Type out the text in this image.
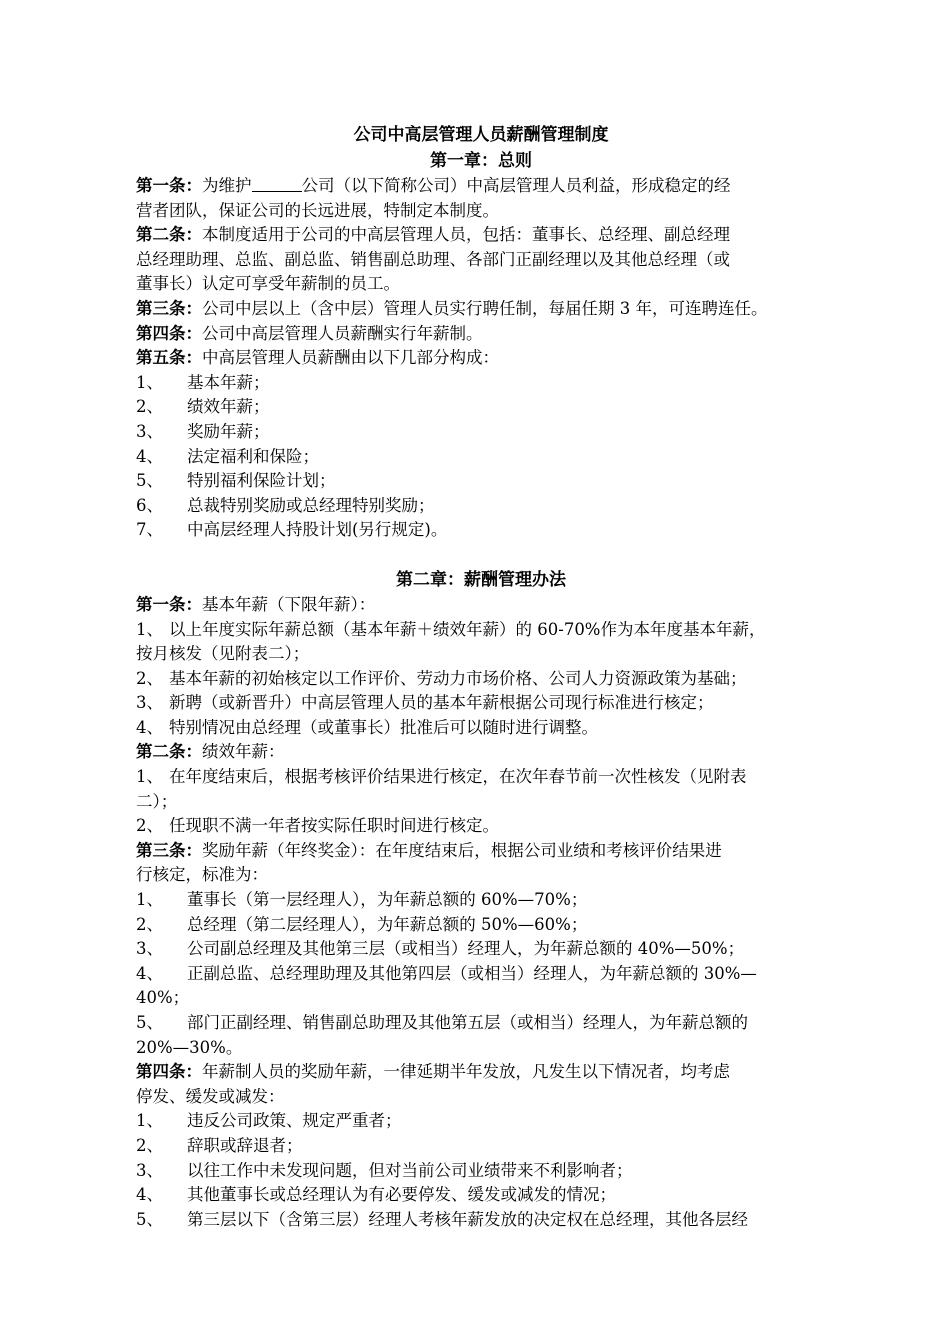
公司中高层管理人员薪酬管理制度
第一章：总则
第一条：为维护	公司（以下简称公司）中高层管理人员利益，形成稳定的经
营者团队，保证公司的长远进展，特制定本制度。
第二条：本制度适用于公司的中高层管理人员，包括：董事长、总经理、副总经理
总经理助理、总监、副总监、销售副总助理、各部门正副经理以及其他总经理（或
董事长）认定可享受年薪制的员工。
第三条：公司中层以上（含中层）管理人员实行聘任制，每届任期 3 年，可连聘连任。
第四条：公司中高层管理人员薪酬实行年薪制。
第五条：中高层管理人员薪酬由以下几部分构成：
1、 基本年薪；
2、 绩效年薪；
3、 奖励年薪；
4、 法定福利和保险；
5、 特别福利保险计划；
6、 总裁特别奖励或总经理特别奖励；
7、 中高层经理人持股计划(另行规定)。
第二章：薪酬管理办法
第一条：基本年薪（下限年薪）：
1、 以上年度实际年薪总额（基本年薪＋绩效年薪）的 60-70%作为本年度基本年薪，
按月核发（见附表二）；
2、 基本年薪的初始核定以工作评价、劳动力市场价格、公司人力资源政策为基础；
3、 新聘（或新晋升）中高层管理人员的基本年薪根据公司现行标准进行核定；
4、 特别情况由总经理（或董事长）批准后可以随时进行调整。
第二条：绩效年薪：
1、 在年度结束后，根据考核评价结果进行核定，在次年春节前一次性核发（见附表
二）；
2、 任现职不满一年者按实际任职时间进行核定。
第三条：奖励年薪（年终奖金）：在年度结束后，根据公司业绩和考核评价结果进
行核定，标准为：
1、 董事长（第一层经理人），为年薪总额的 60%—70%；
2、 总经理（第二层经理人），为年薪总额的 50%—60%；
3、 公司副总经理及其他第三层（或相当）经理人，为年薪总额的 40%—50%；
4、 正副总监、总经理助理及其他第四层（或相当）经理人，为年薪总额的 30%—
40%；
5、 部门正副经理、销售副总助理及其他第五层（或相当）经理人，为年薪总额的
20%—30%。
第四条：年薪制人员的奖励年薪，一律延期半年发放，凡发生以下情况者，均考虑
停发、缓发或减发：
1、 违反公司政策、规定严重者；
2、 辞职或辞退者；
3、 以往工作中未发现问题，但对当前公司业绩带来不利影响者；
4、 其他董事长或总经理认为有必要停发、缓发或减发的情况；
5、 第三层以下（含第三层）经理人考核年薪发放的决定权在总经理，其他各层经
